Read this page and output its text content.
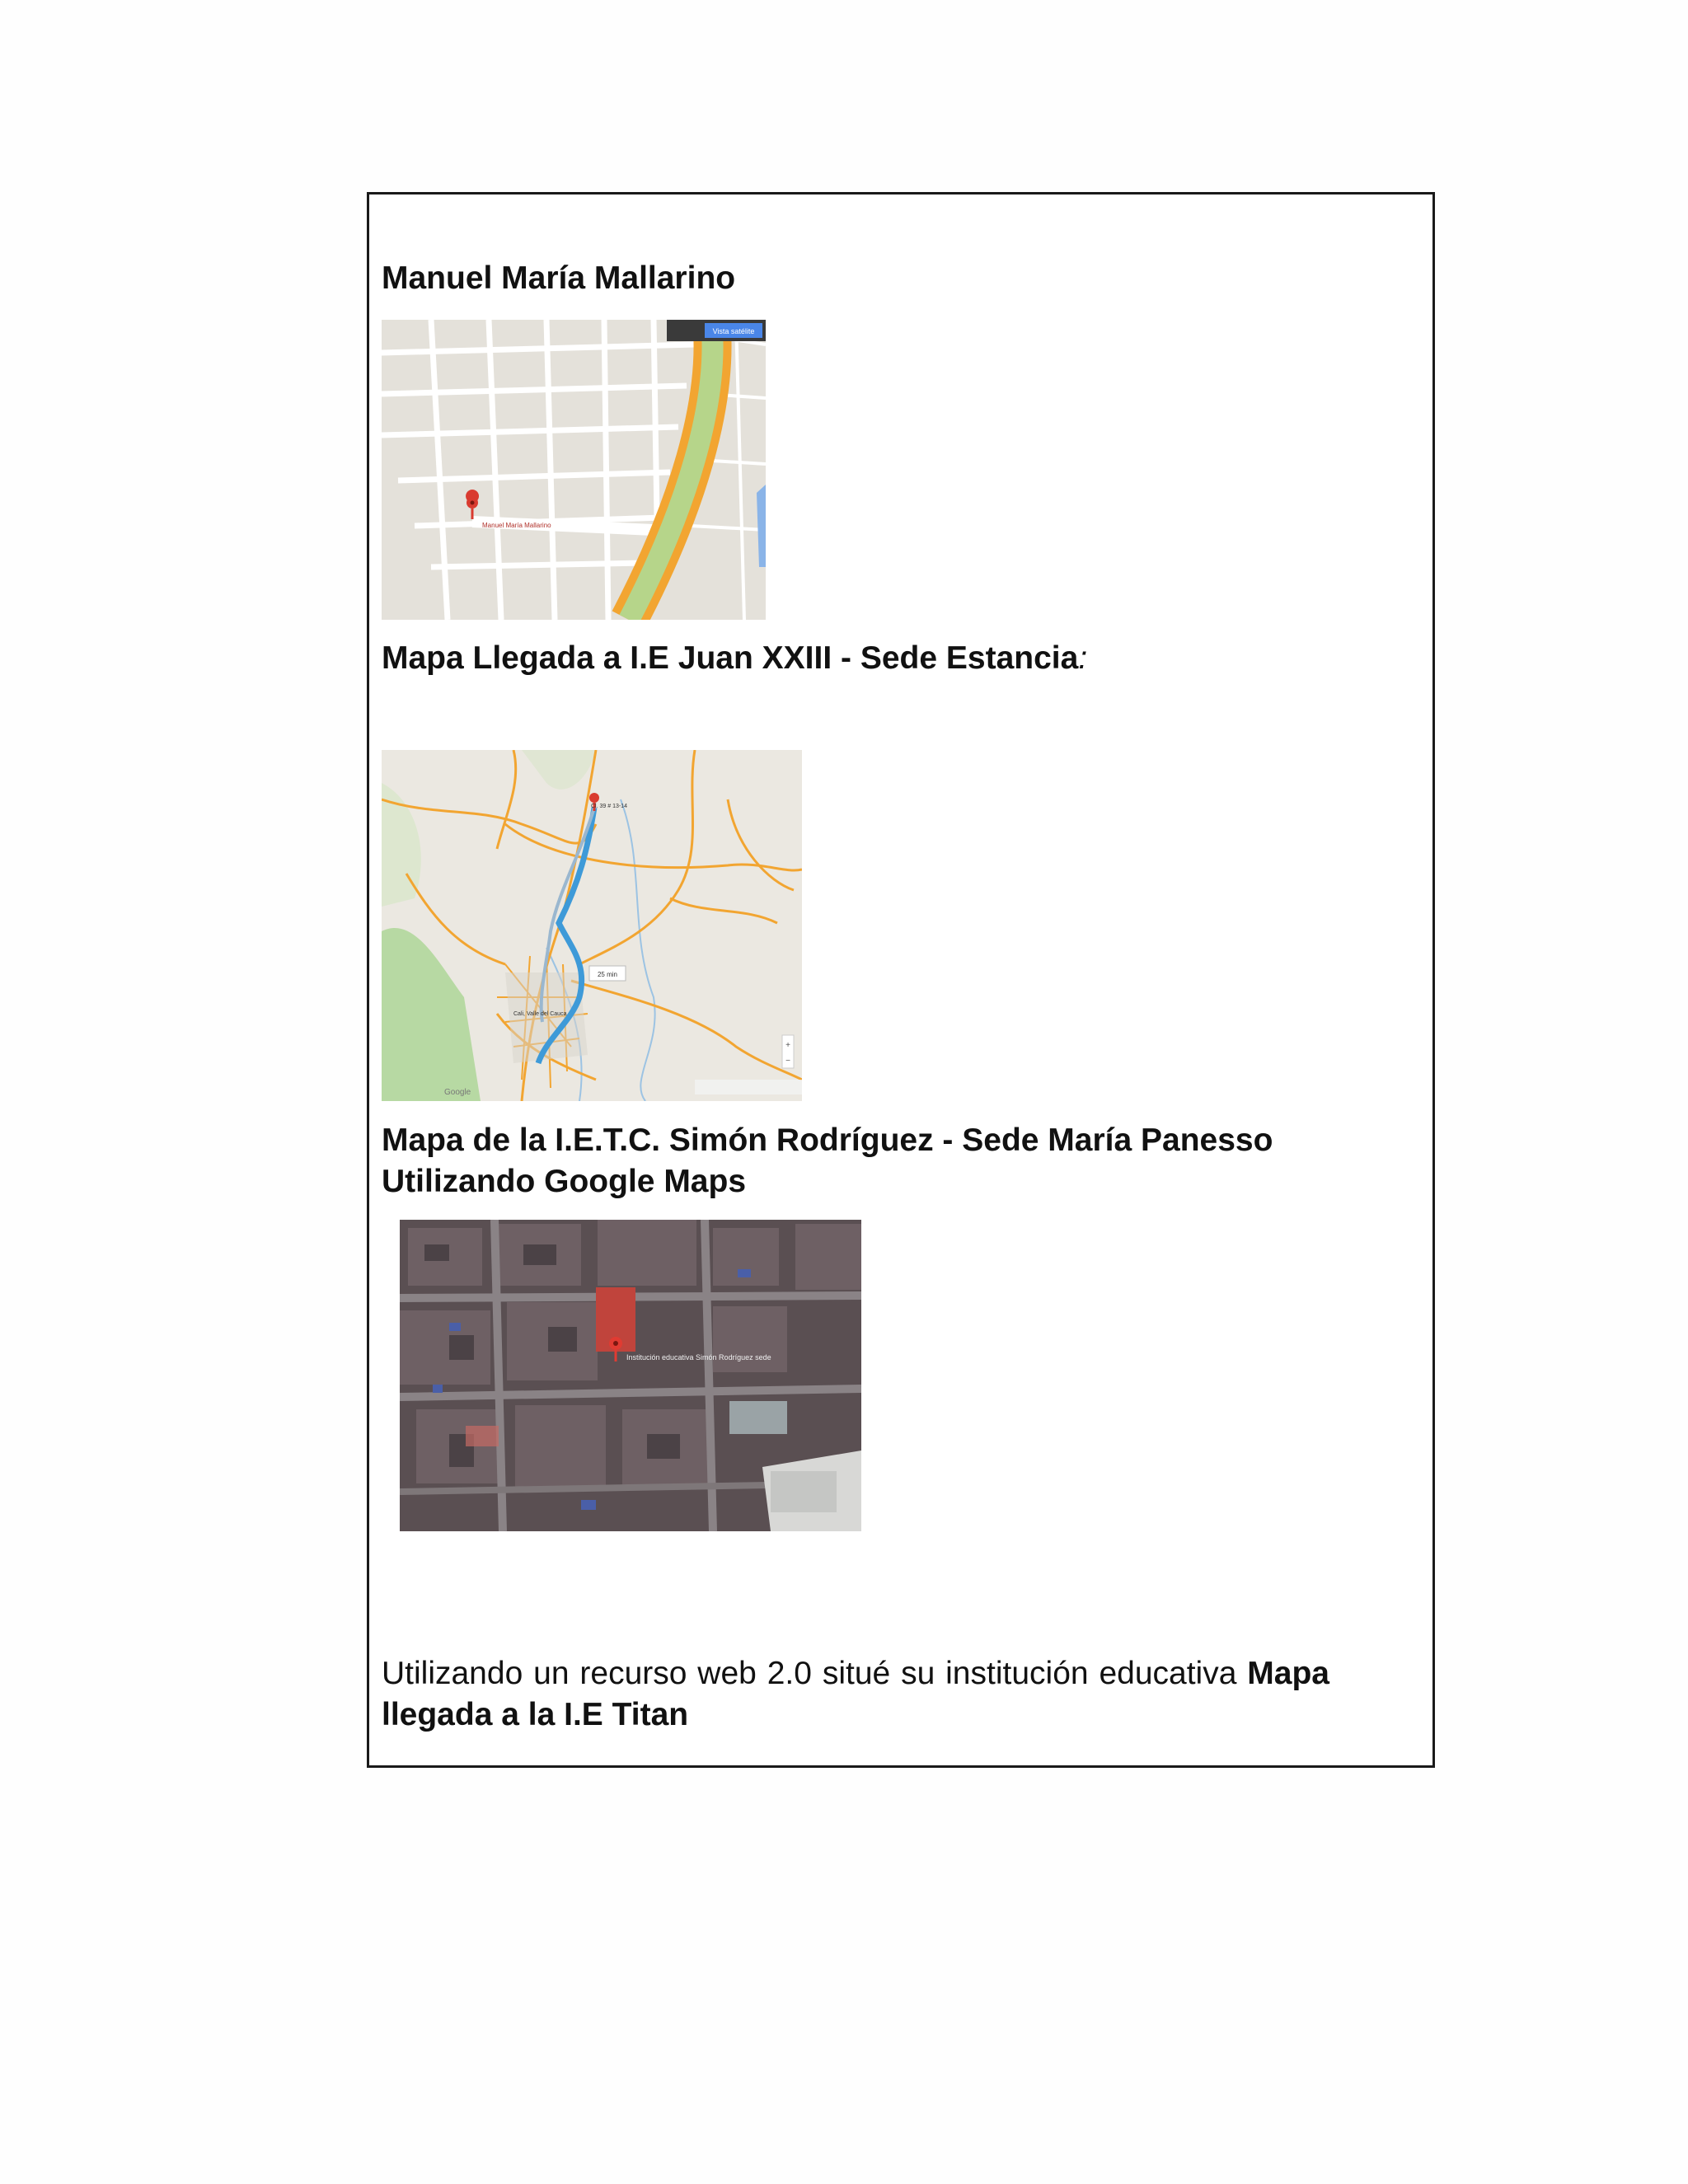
Manuel María Mallarino

Vista satélite
Manuel María Mallarino

Mapa Llegada a I.E Juan XXIII - Sede Estancia:

Cl. 39 # 13-14
25 min
Cali, Valle del Cauca
+
−
Google

Mapa de la I.E.T.C. Simón Rodríguez - Sede María Panesso

Utilizando Google Maps

Institución educativa Simón Rodríguez sede

Utilizando un recurso web 2.0 situé su institución educativa Mapa

llegada a la I.E Titan
